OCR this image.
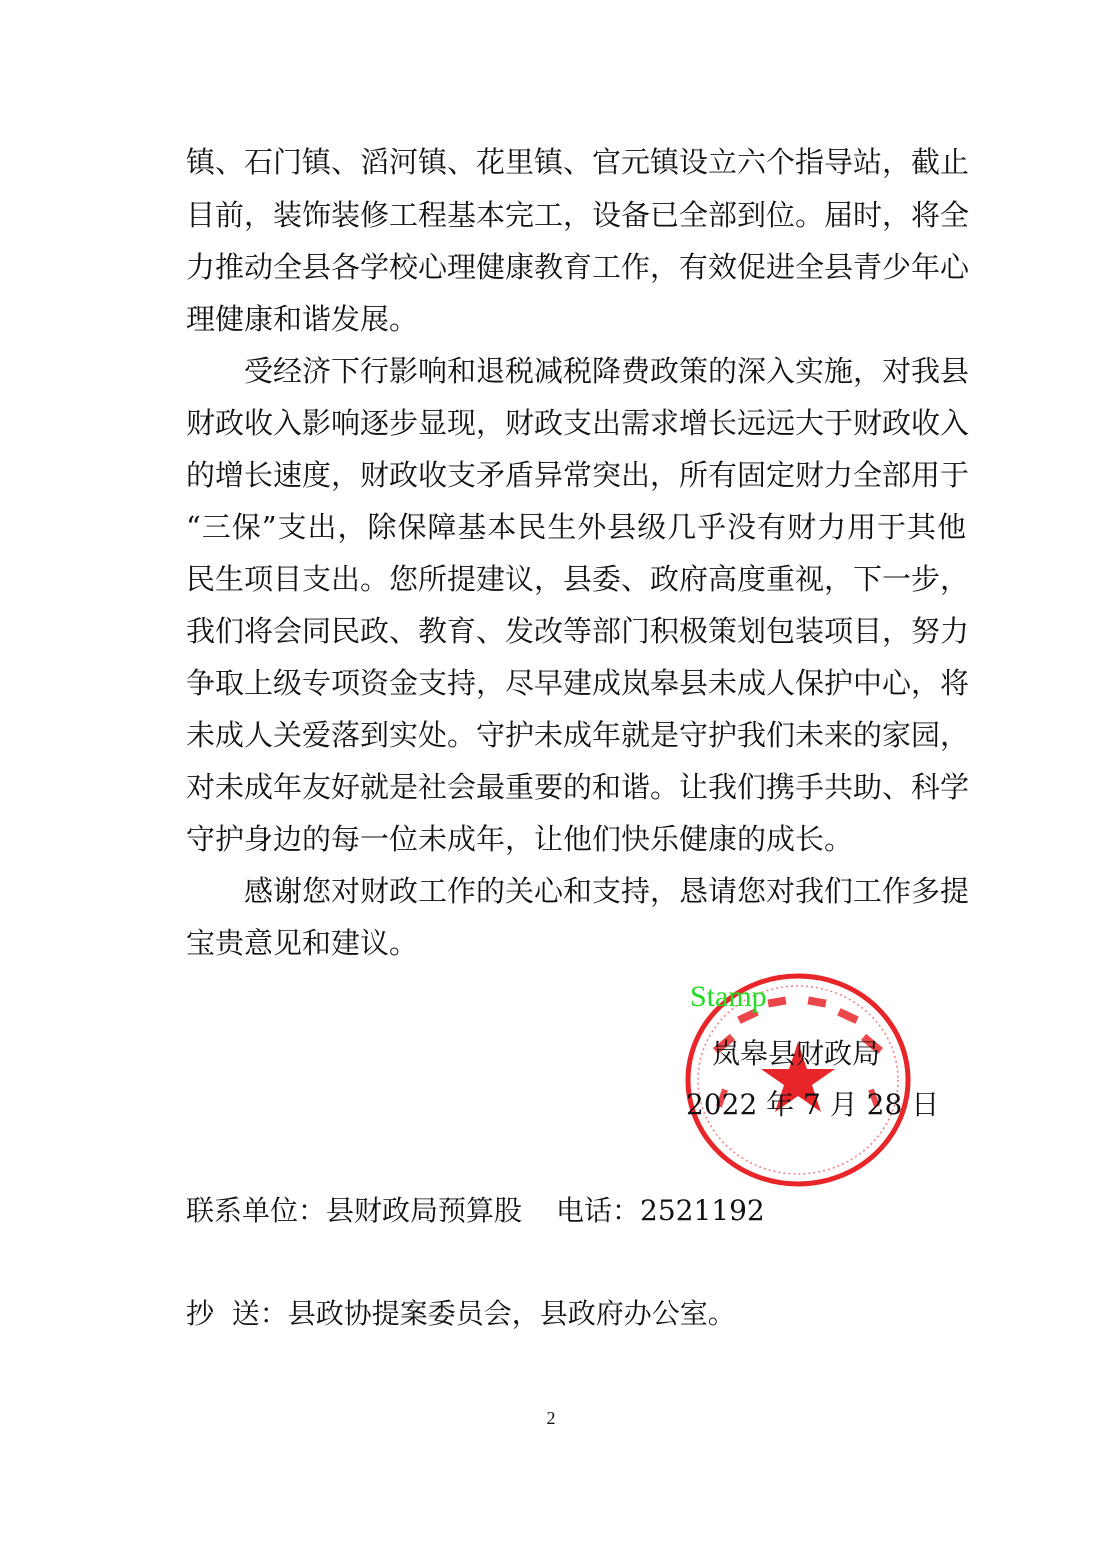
镇、石门镇、滔河镇、花里镇、官元镇设立六个指导站，截止
目前，装饰装修工程基本完工，设备已全部到位。届时，将全
力推动全县各学校心理健康教育工作，有效促进全县青少年心
理健康和谐发展。
受经济下行影响和退税减税降费政策的深入实施，对我县
财政收入影响逐步显现，财政支出需求增长远远大于财政收入
的增长速度，财政收支矛盾异常突出，所有固定财力全部用于
“三保”支出，除保障基本民生外县级几乎没有财力用于其他
民生项目支出。您所提建议，县委、政府高度重视，下一步，
我们将会同民政、教育、发改等部门积极策划包装项目，努力
争取上级专项资金支持，尽早建成岚皋县未成人保护中心，将
未成人关爱落到实处。守护未成年就是守护我们未来的家园，
对未成年友好就是社会最重要的和谐。让我们携手共助、科学
守护身边的每一位未成年，让他们快乐健康的成长。
感谢您对财政工作的关心和支持，恳请您对我们工作多提
宝贵意见和建议。
Stamp
岚皋县财政局
2022 年 7 月 28 日
联系单位：县财政局预算股 电话：2521192
抄  送：县政协提案委员会，县政府办公室。
2
